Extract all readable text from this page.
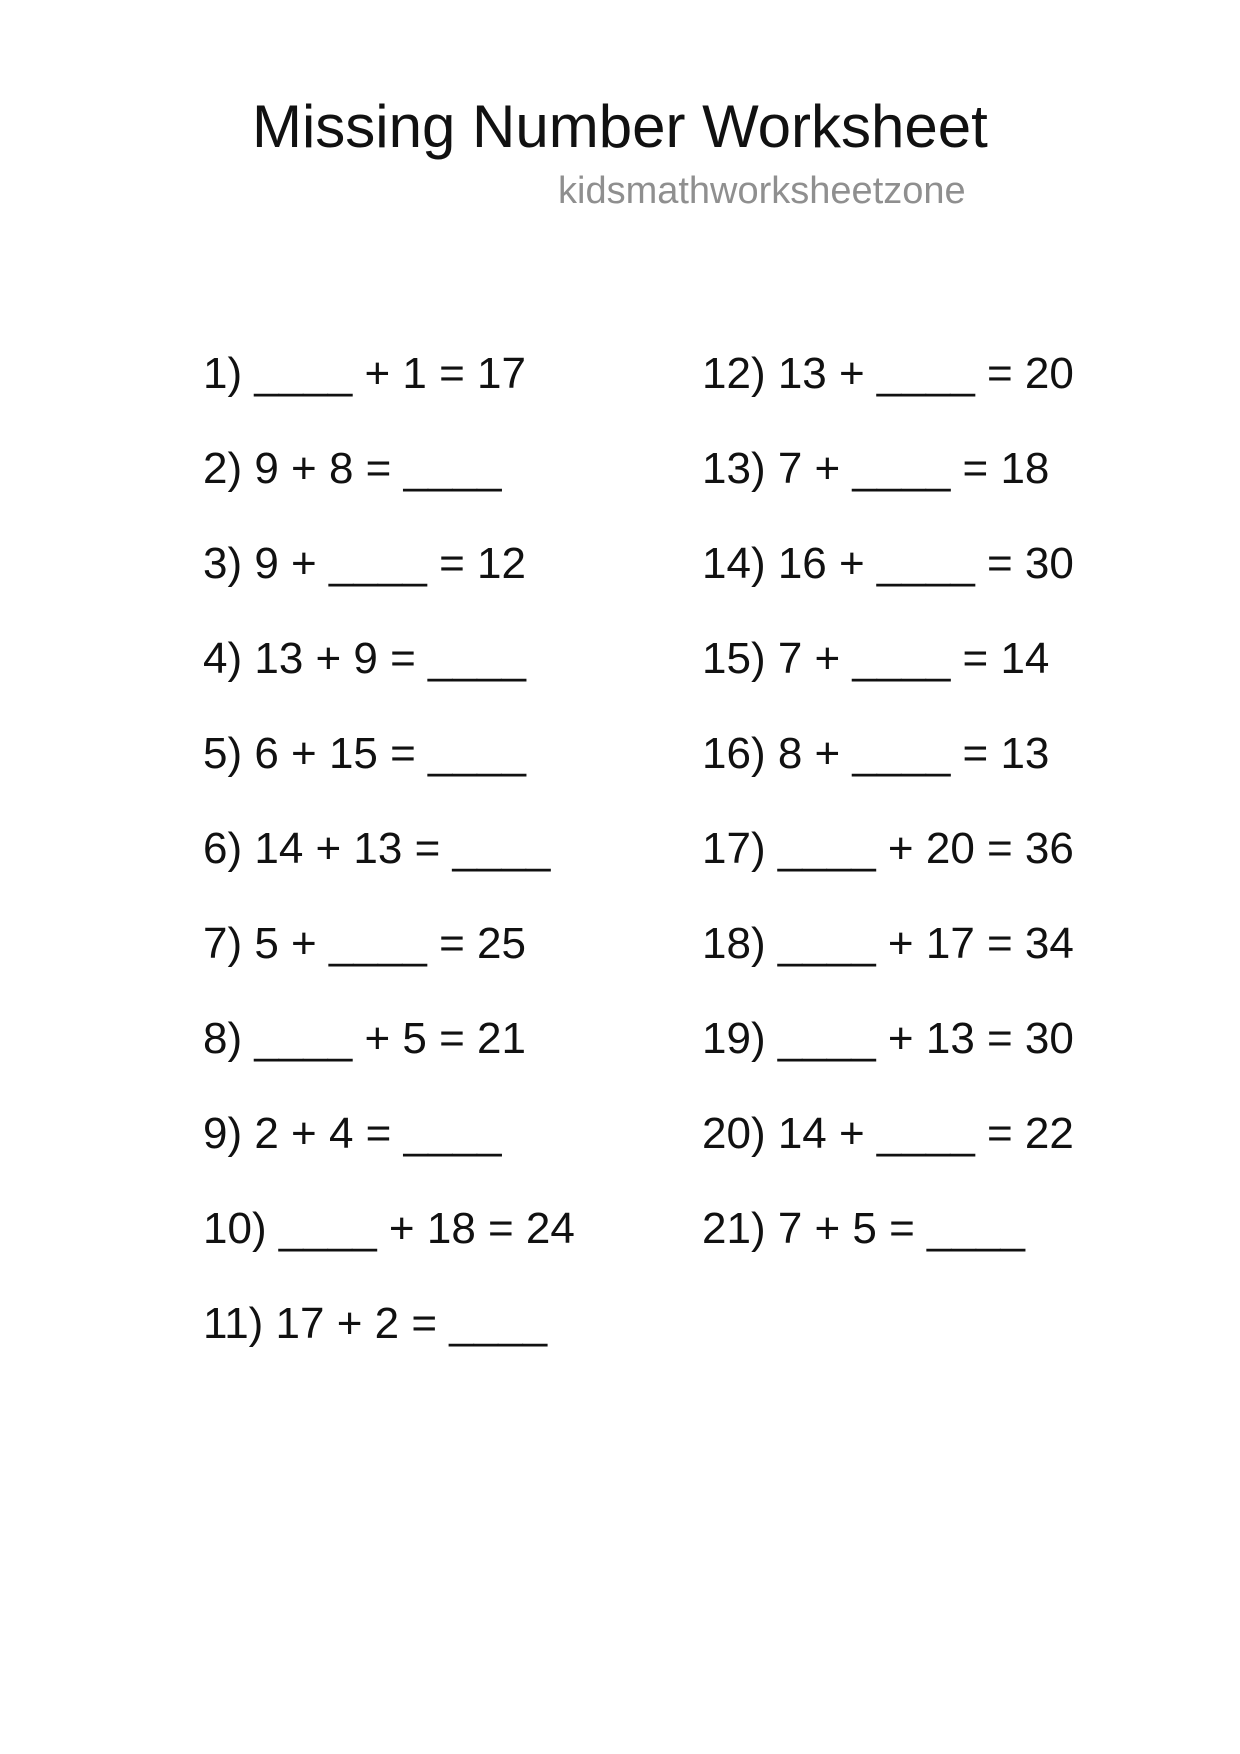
Missing Number Worksheet
kidsmathworksheetzone
1) ____ + 1 = 17
2) 9 + 8 = ____
3) 9 + ____ = 12
4) 13 + 9 = ____
5) 6 + 15 = ____
6) 14 + 13 = ____
7) 5 + ____ = 25
8) ____ + 5 = 21
9) 2 + 4 = ____
10) ____ + 18 = 24
11) 17 + 2 = ____
12) 13 + ____ = 20
13) 7 + ____ = 18
14) 16 + ____ = 30
15) 7 + ____ = 14
16) 8 + ____ = 13
17) ____ + 20 = 36
18) ____ + 17 = 34
19) ____ + 13 = 30
20) 14 + ____ = 22
21) 7 + 5 = ____
